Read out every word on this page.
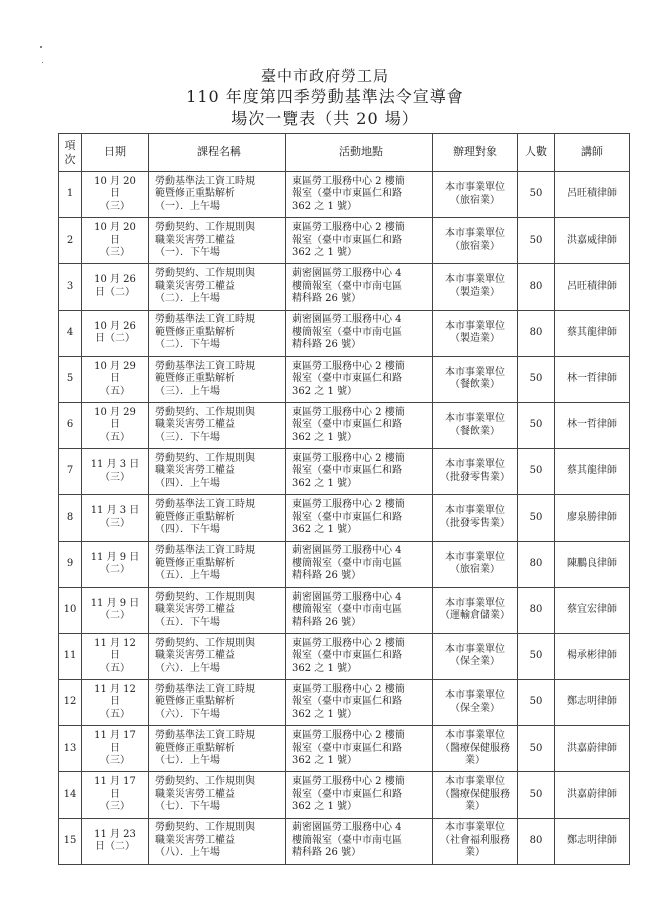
臺中市政府勞工局
110 年度第四季勞動基準法令宣導會
場次一覽表（共 20 場）
項
次	日期	課程名稱	活動地點	辦理對象	人數	講師
1	10 月 20
日
（三）	勞動基準法工資工時規
範暨修正重點解析
（一）．上午場	東區勞工服務中心 2 樓簡
報室（臺中市東區仁和路
362 之 1 號）	本市事業單位
（旅宿業）	50	呂旺積律師
2	10 月 20
日
（三）	勞動契約、工作規則與
職業災害勞工權益
（一）．下午場	東區勞工服務中心 2 樓簡
報室（臺中市東區仁和路
362 之 1 號）	本市事業單位
（旅宿業）	50	洪嘉威律師
3	10 月 26
日（二）	勞動契約、工作規則與
職業災害勞工權益
（二）．上午場	莿密園區勞工服務中心 4
樓簡報室（臺中市南屯區
精科路 26 號）	本市事業單位
（製造業）	80	呂旺積律師
4	10 月 26
日（二）	勞動基準法工資工時規
範暨修正重點解析
（二）．下午場	莿密園區勞工服務中心 4
樓簡報室（臺中市南屯區
精科路 26 號）	本市事業單位
（製造業）	80	蔡其龍律師
5	10 月 29
日
（五）	勞動基準法工資工時規
範暨修正重點解析
（三）．上午場	東區勞工服務中心 2 樓簡
報室（臺中市東區仁和路
362 之 1 號）	本市事業單位
（餐飲業）	50	林一哲律師
6	10 月 29
日
（五）	勞動契約、工作規則與
職業災害勞工權益
（三）．下午場	東區勞工服務中心 2 樓簡
報室（臺中市東區仁和路
362 之 1 號）	本市事業單位
（餐飲業）	50	林一哲律師
7	11 月 3 日
（三）	勞動契約、工作規則與
職業災害勞工權益
（四）．上午場	東區勞工服務中心 2 樓簡
報室（臺中市東區仁和路
362 之 1 號）	本市事業單位
（批發零售業）	50	蔡其龍律師
8	11 月 3 日
（三）	勞動基準法工資工時規
範暨修正重點解析
（四）．下午場	東區勞工服務中心 2 樓簡
報室（臺中市東區仁和路
362 之 1 號）	本市事業單位
（批發零售業）	50	廖泉勝律師
9	11 月 9 日
（二）	勞動基準法工資工時規
範暨修正重點解析
（五）．上午場	莿密園區勞工服務中心 4
樓簡報室（臺中市南屯區
精科路 26 號）	本市事業單位
（旅宿業）	80	陳鵬良律師
10	11 月 9 日
（二）	勞動契約、工作規則與
職業災害勞工權益
（五）．下午場	莿密園區勞工服務中心 4
樓簡報室（臺中市南屯區
精科路 26 號）	本市事業單位
（運輸倉儲業）	80	蔡宜宏律師
11	11 月 12
日
（五）	勞動契約、工作規則與
職業災害勞工權益
（六）．上午場	東區勞工服務中心 2 樓簡
報室（臺中市東區仁和路
362 之 1 號）	本市事業單位
（保全業）	50	楊承彬律師
12	11 月 12
日
（五）	勞動基準法工資工時規
範暨修正重點解析
（六）．下午場	東區勞工服務中心 2 樓簡
報室（臺中市東區仁和路
362 之 1 號）	本市事業單位
（保全業）	50	鄭志明律師
13	11 月 17
日
（三）	勞動基準法工資工時規
範暨修正重點解析
（七）．上午場	東區勞工服務中心 2 樓簡
報室（臺中市東區仁和路
362 之 1 號）	本市事業單位
（醫療保健服務
業）	50	洪嘉蔚律師
14	11 月 17
日
（三）	勞動契約、工作規則與
職業災害勞工權益
（七）．下午場	東區勞工服務中心 2 樓簡
報室（臺中市東區仁和路
362 之 1 號）	本市事業單位
（醫療保健服務
業）	50	洪嘉蔚律師
15	11 月 23
日（二）	勞動契約、工作規則與
職業災害勞工權益
（八）．上午場	莿密園區勞工服務中心 4
樓簡報室（臺中市南屯區
精科路 26 號）	本市事業單位
（社會福利服務
業）	80	鄭志明律師
